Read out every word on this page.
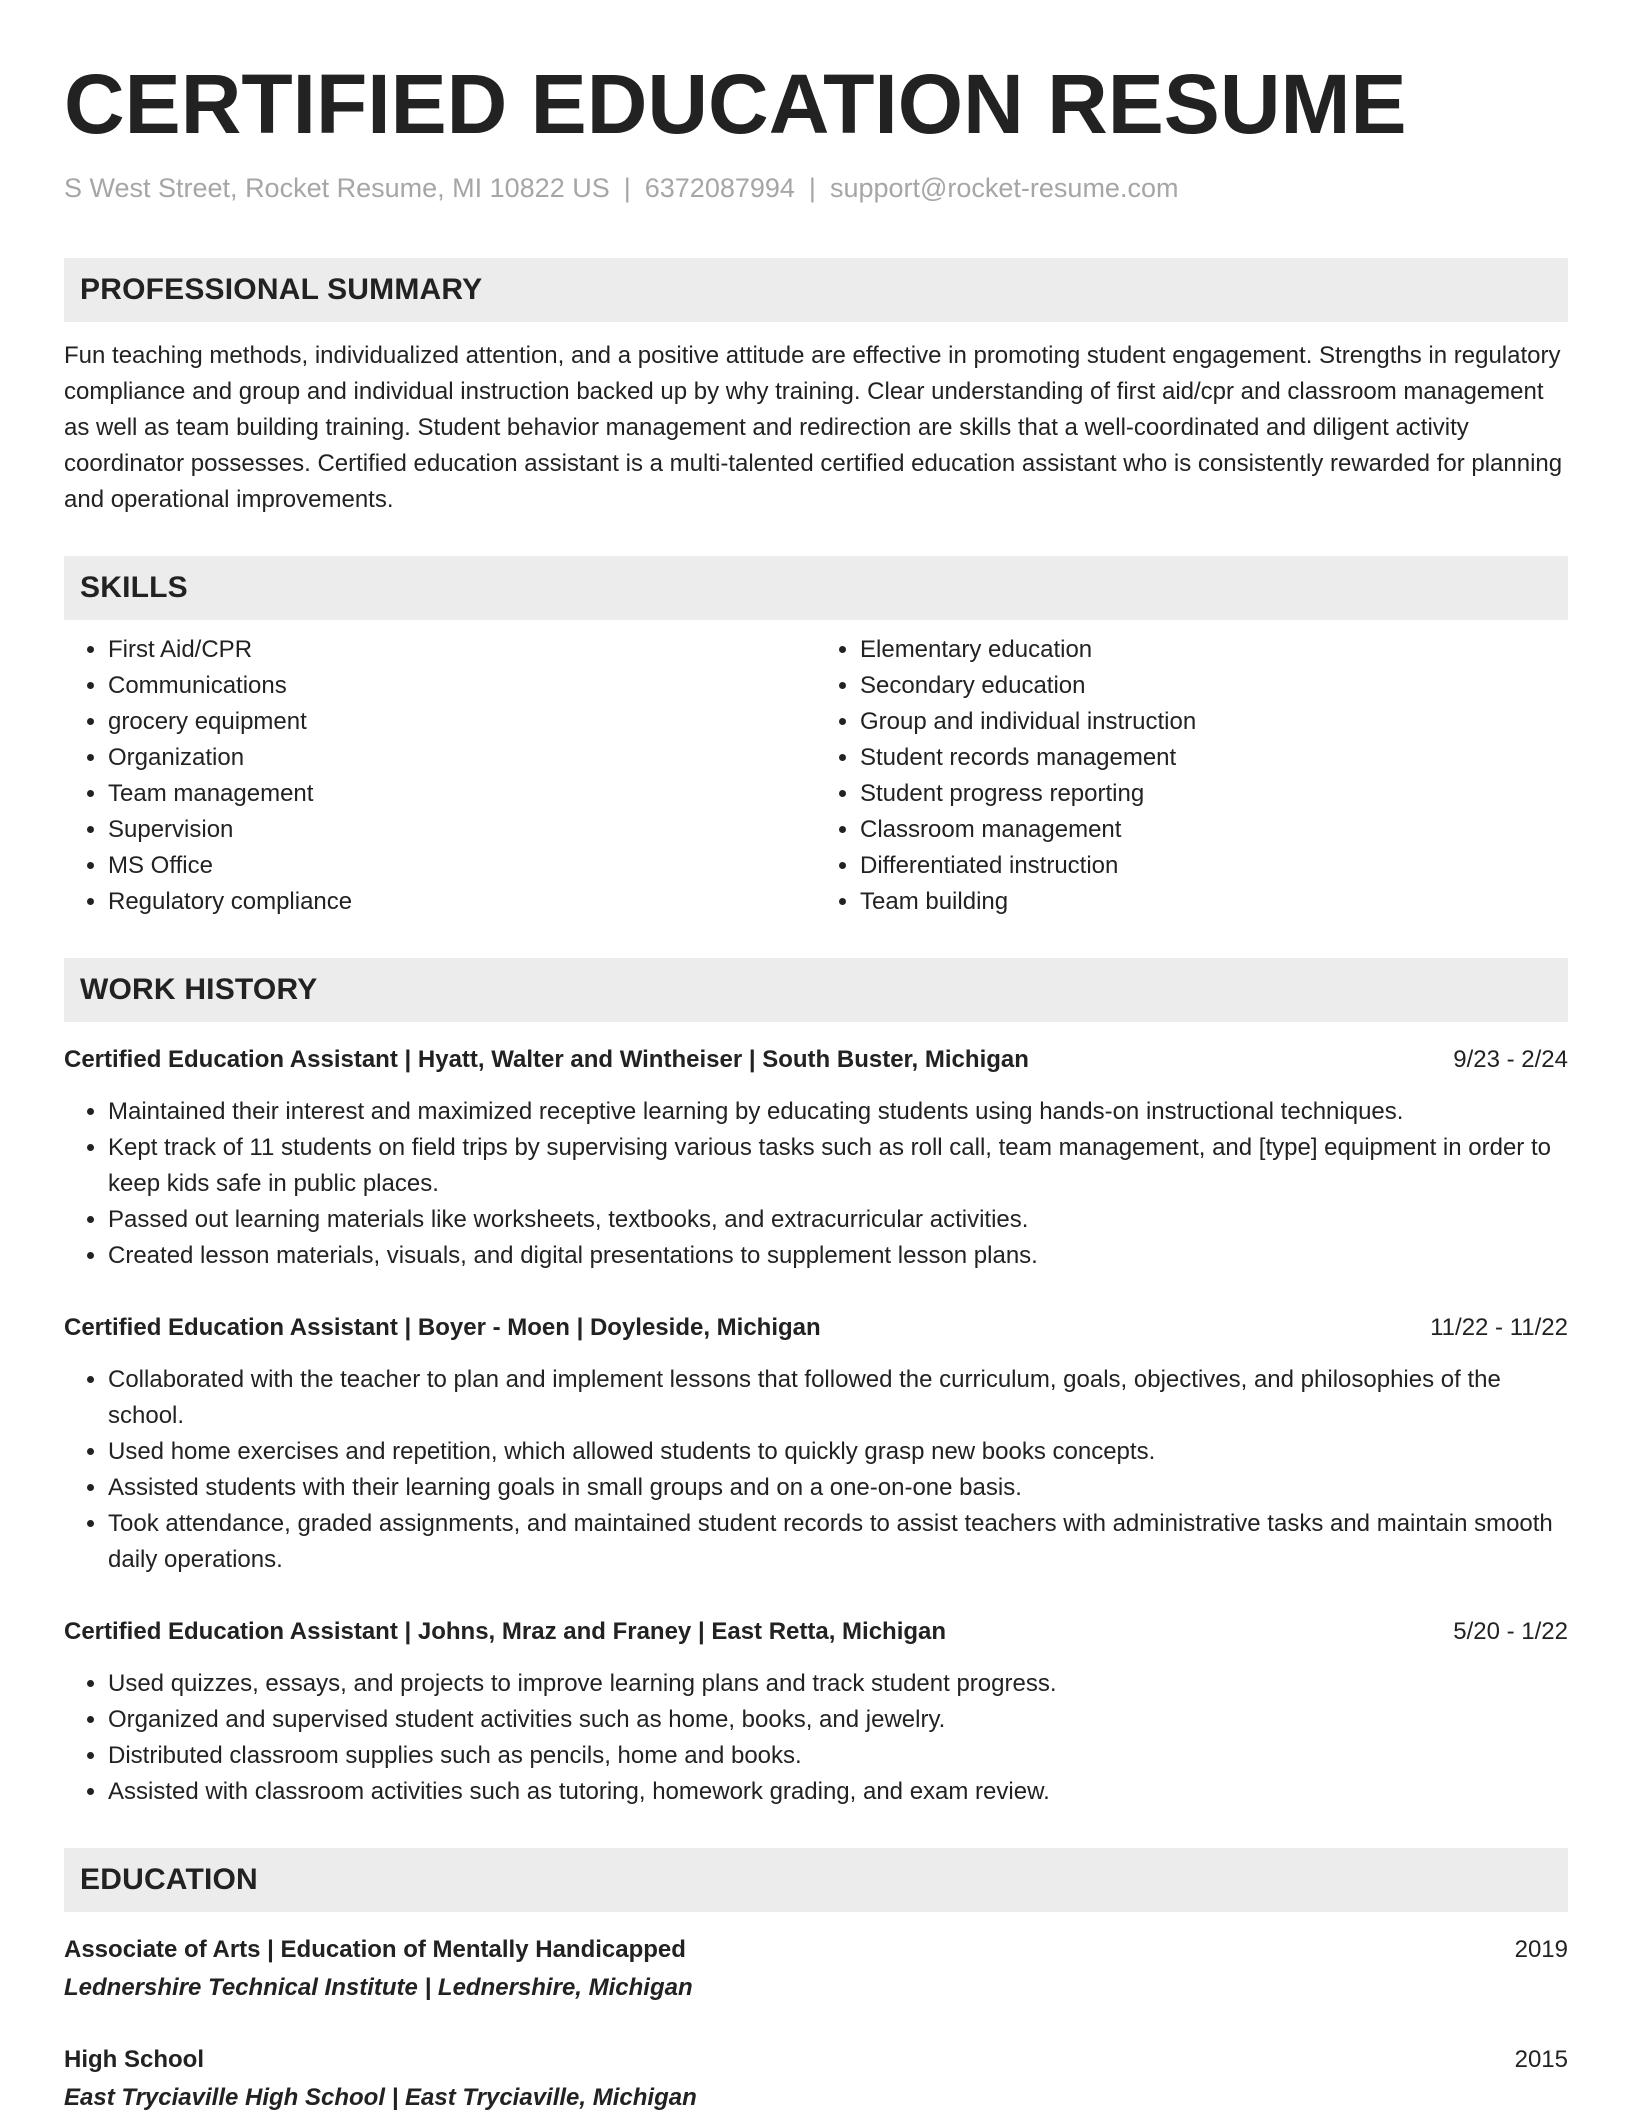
CERTIFIED EDUCATION RESUME
S West Street, Rocket Resume, MI 10822 US | 6372087994 | support@rocket-resume.com
PROFESSIONAL SUMMARY
Fun teaching methods, individualized attention, and a positive attitude are effective in promoting student engagement. Strengths in regulatory compliance and group and individual instruction backed up by why training. Clear understanding of first aid/cpr and classroom management as well as team building training. Student behavior management and redirection are skills that a well-coordinated and diligent activity coordinator possesses. Certified education assistant is a multi-talented certified education assistant who is consistently rewarded for planning and operational improvements.
SKILLS
• First Aid/CPR
• Communications
• grocery equipment
• Organization
• Team management
• Supervision
• MS Office
• Regulatory compliance
• Elementary education
• Secondary education
• Group and individual instruction
• Student records management
• Student progress reporting
• Classroom management
• Differentiated instruction
• Team building
WORK HISTORY
Certified Education Assistant | Hyatt, Walter and Wintheiser | South Buster, Michigan	9/23 - 2/24
• Maintained their interest and maximized receptive learning by educating students using hands-on instructional techniques.
• Kept track of 11 students on field trips by supervising various tasks such as roll call, team management, and [type] equipment in order to keep kids safe in public places.
• Passed out learning materials like worksheets, textbooks, and extracurricular activities.
• Created lesson materials, visuals, and digital presentations to supplement lesson plans.
Certified Education Assistant | Boyer - Moen | Doyleside, Michigan	11/22 - 11/22
• Collaborated with the teacher to plan and implement lessons that followed the curriculum, goals, objectives, and philosophies of the school.
• Used home exercises and repetition, which allowed students to quickly grasp new books concepts.
• Assisted students with their learning goals in small groups and on a one-on-one basis.
• Took attendance, graded assignments, and maintained student records to assist teachers with administrative tasks and maintain smooth daily operations.
Certified Education Assistant | Johns, Mraz and Franey | East Retta, Michigan	5/20 - 1/22
• Used quizzes, essays, and projects to improve learning plans and track student progress.
• Organized and supervised student activities such as home, books, and jewelry.
• Distributed classroom supplies such as pencils, home and books.
• Assisted with classroom activities such as tutoring, homework grading, and exam review.
EDUCATION
Associate of Arts | Education of Mentally Handicapped	2019
Lednershire Technical Institute | Lednershire, Michigan
High School	2015
East Tryciaville High School | East Tryciaville, Michigan
